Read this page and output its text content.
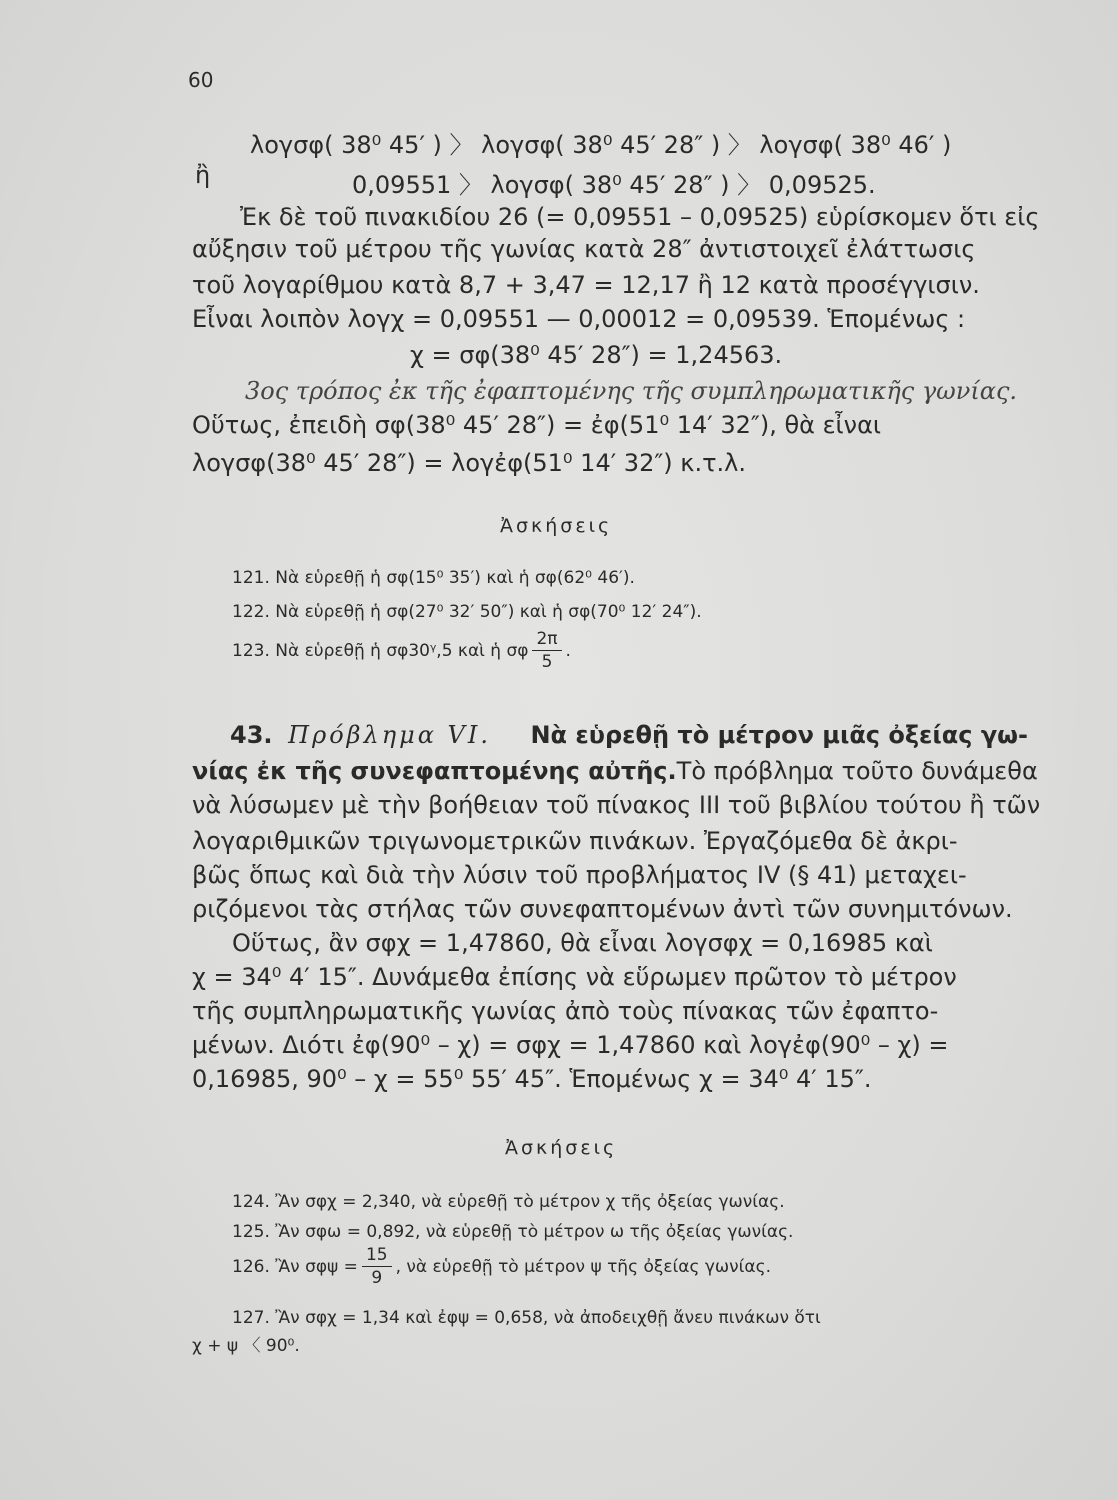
60
λογσφ( 38⁰ 45′ ) 〉 λογσφ( 38⁰ 45′ 28″ ) 〉 λογσφ( 38⁰ 46′ )
ἢ	0,09551 〉 λογσφ( 38⁰ 45′ 28″ ) 〉 0,09525.
Ἐκ δὲ τοῦ πινακιδίου 26 (= 0,09551 – 0,09525) εὑρίσκομεν ὅτι εἰς
αὔξησιν τοῦ μέτρου τῆς γωνίας κατὰ 28″ ἀντιστοιχεῖ ἐλάττωσις
τοῦ λογαρίθμου κατὰ 8,7 + 3,47 = 12,17 ἢ 12 κατὰ προσέγγισιν.
Εἶναι λοιπὸν λογχ = 0,09551 — 0,00012 = 0,09539. Ἑπομένως :
χ = σφ(38⁰ 45′ 28″) = 1,24563.
3ος τρόπος ἐκ τῆς ἐφαπτομένης τῆς συμπληρωματικῆς γωνίας.
Οὕτως, ἐπειδὴ σφ(38⁰ 45′ 28″) = ἐφ(51⁰ 14′ 32″), θὰ εἶναι
λογσφ(38⁰ 45′ 28″) = λογἐφ(51⁰ 14′ 32″) κ.τ.λ.
Ἀσκήσεις
121. Νὰ εὑρεθῇ ἡ σφ(15⁰ 35′) καὶ ἡ σφ(62⁰ 46′).
122. Νὰ εὑρεθῇ ἡ σφ(27⁰ 32′ 50″) καὶ ἡ σφ(70⁰ 12′ 24″).
123. Νὰ εὑρεθῇ ἡ σφ30ᵞ,5 καὶ ἡ σφ $\frac{2\pi}{5}$ .
43. Πρόβλημα VI. Νὰ εὑρεθῇ τὸ μέτρον μιᾶς ὀξείας γω-
νίας ἐκ τῆς συνεφαπτομένης αὐτῆς. Τὸ πρόβλημα τοῦτο δυνάμεθα
νὰ λύσωμεν μὲ τὴν βοήθειαν τοῦ πίνακος ΙΙΙ τοῦ βιβλίου τούτου ἢ τῶν
λογαριθμικῶν τριγωνομετρικῶν πινάκων. Ἐργαζόμεθα δὲ ἀκρι-
βῶς ὅπως καὶ διὰ τὴν λύσιν τοῦ προβλήματος IV (§ 41) μεταχει-
ριζόμενοι τὰς στήλας τῶν συνεφαπτομένων ἀντὶ τῶν συνημιτόνων.
Οὕτως, ἂν σφχ = 1,47860, θὰ εἶναι λογσφχ = 0,16985 καὶ
χ = 34⁰ 4′ 15″. Δυνάμεθα ἐπίσης νὰ εὕρωμεν πρῶτον τὸ μέτρον
τῆς συμπληρωματικῆς γωνίας ἀπὸ τοὺς πίνακας τῶν ἐφαπτο-
μένων. Διότι ἐφ(90⁰ – χ) = σφχ = 1,47860 καὶ λογἐφ(90⁰ – χ) =
0,16985, 90⁰ – χ = 55⁰ 55′ 45″. Ἑπομένως χ = 34⁰ 4′ 15″.
Ἀσκήσεις
124. Ἂν σφχ = 2,340, νὰ εὑρεθῇ τὸ μέτρον χ τῆς ὀξείας γωνίας.
125. Ἂν σφω = 0,892, νὰ εὑρεθῇ τὸ μέτρον ω τῆς ὀξείας γωνίας.
126. Ἂν $\sigma\varphi\psi = \frac{15}{9}$ , νὰ εὑρεθῇ τὸ μέτρον ψ τῆς ὀξείας γωνίας.
127. Ἂν σφχ = 1,34 καὶ ἐφψ = 0,658, νὰ ἀποδειχθῇ ἄνευ πινάκων ὅτι
χ + ψ 〈 90⁰.
